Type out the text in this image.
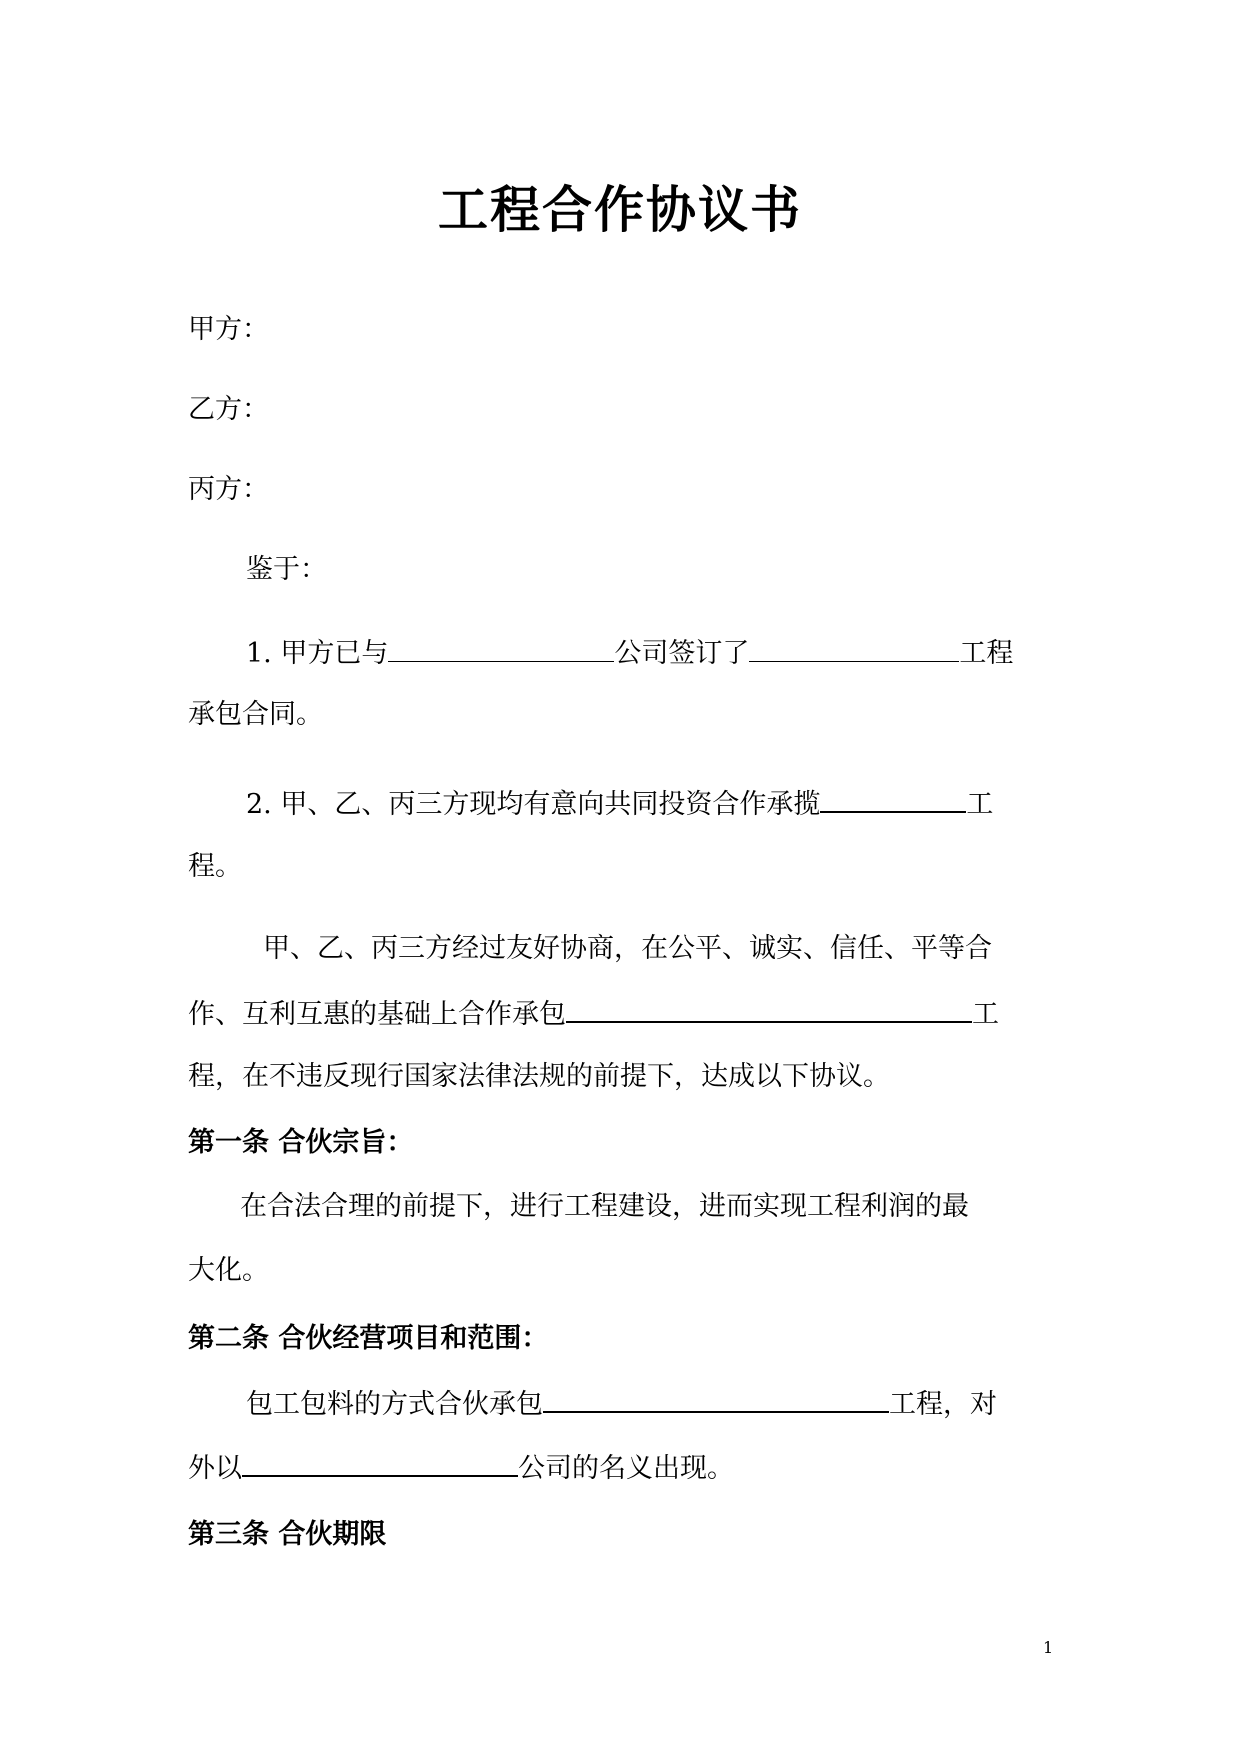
工程合作协议书
甲方：
乙方：
丙方：
鉴于：
1. 甲方已与	公司签订了	工程
承包合同。
2. 甲、乙、丙三方现均有意向共同投资合作承揽	工
程。
甲、乙、丙三方经过友好协商，在公平、诚实、信任、平等合
作、互利互惠的基础上合作承包	工
程，在不违反现行国家法律法规的前提下，达成以下协议。
第一条 合伙宗旨：
在合法合理的前提下，进行工程建设，进而实现工程利润的最
大化。
第二条 合伙经营项目和范围：
包工包料的方式合伙承包	工程，对
外以	公司的名义出现。
第三条 合伙期限
1
